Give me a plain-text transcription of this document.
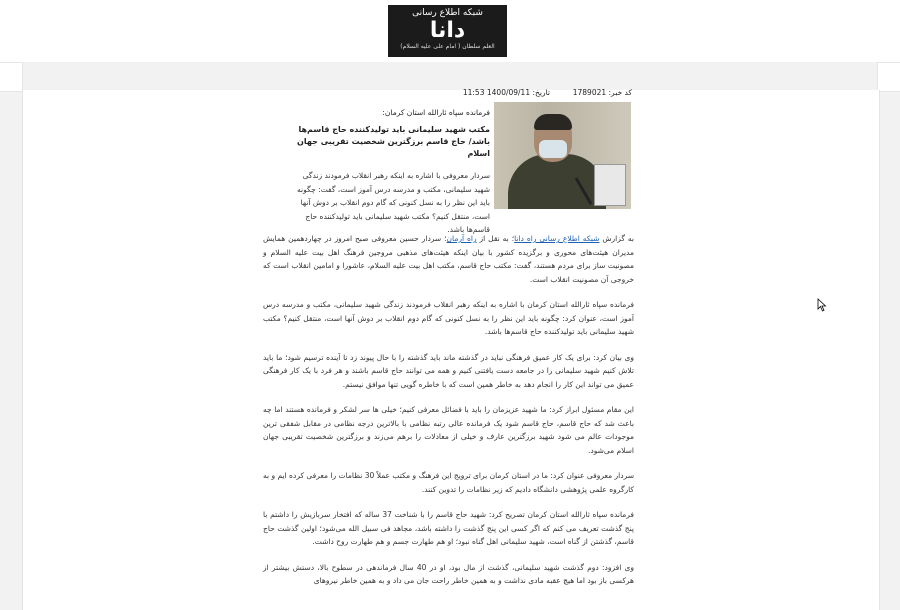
شبکه اطلاع رسانی
دانا
العلم سلطان ( امام علی علیه السلام)
کد خبر: 1789021  تاریخ: 1400/09/11 11:53

فرمانده سپاه ثارالله استان کرمان:

مکتب شهید سلیمانی باید تولیدکننده حاج قاسم‌ها باشد/ حاج قاسم برزگترین شخصیت تقریبی جهان اسلام

سردار معروفی با اشاره به اینکه رهبر انقلاب فرمودند زندگی شهید سلیمانی، مکتب و مدرسه درس آموز است، گفت: چگونه باید این نظر را به نسل کنونی که گام دوم انقلاب بر دوش آنها است، منتقل کنیم؟ مکتب شهید سلیمانی باید تولیدکننده حاج قاسم‌ها باشد.

به گزارش شبکه اطلاع رسانی راه دانا؛ به نقل از راه آرمان؛ سردار حسین معروفی صبح امروز در چهاردهمین همایش مدیران هیئت‌های محوری و برگزیده کشور با بیان اینکه هیئت‌های مذهبی مروجین فرهنگ اهل بیت علیه السلام و مصونیت ساز برای مردم هستند، گفت: مکتب حاج قاسم، مکتب اهل بیت علیه السلام، عاشورا و امامین انقلاب است که خروجی آن مصونیت انقلاب است.

فرمانده سپاه ثارالله استان کرمان با اشاره به اینکه رهبر انقلاب فرمودند زندگی شهید سلیمانی، مکتب و مدرسه درس آموز است، عنوان کرد: چگونه باید این نظر را به نسل کنونی که گام دوم انقلاب بر دوش آنها است، منتقل کنیم؟ مکتب شهید سلیمانی باید تولیدکننده حاج قاسم‌ها باشد.

وی بیان کرد: برای یک کار عمیق فرهنگی نباید در گذشته ماند باید گذشته را با حال پیوند زد تا آینده ترسیم شود؛ ما باید تلاش کنیم شهید سلیمانی را در جامعه دست یافتنی کنیم و همه می توانند حاج قاسم باشند و هر فرد با یک کار فرهنگی عمیق می تواند این کار را انجام دهد به خاطر همین است که با خاطره گویی تنها موافق نیستم.

این مقام مسئول ابراز کرد: ما شهید عزیزمان را باید با فضائل معرفی کنیم؛ خیلی ها سر لشکر و فرمانده هستند اما چه باعث شد که حاج قاسم، حاج قاسم شود یک فرمانده عالی رتبه نظامی با بالاترین درجه نظامی در مقابل شفقی ترین موجودات عالم می شود شهید برزگترین عارف و خیلی از معادلات را برهم می‌زند و برزگترین شخصیت تقریبی جهان اسلام می‌شود.

سردار معروفی عنوان کرد: ما در استان کرمان برای ترویج این فرهنگ و مکتب عملاً 30 نظامات را معرفی کرده ایم و به کارگروه علمی پژوهشی دانشگاه دادیم که زیر نظامات را تدوین کنند.

فرمانده سپاه ثارالله استان کرمان تصریح کرد: شهید حاج قاسم را با شناخت 37 ساله که افتخار سربازیش را داشتم با پنج گذشت تعریف می کنم که اگر کسی این پنج گذشت را داشته باشد، مجاهد فی سبیل الله می‌شود؛ اولین گذشت حاج قاسم، گذشتن از گناه است، شهید سلیمانی اهل گناه نبود؛ او هم طهارت جسم و هم طهارت روح داشت.

وی افزود: دوم گذشت شهید سلیمانی، گذشت از مال بود، او در 40 سال فرماندهی در سطوح بالا، دستش بیشتر از هرکسی باز بود اما هیچ عقبه مادی نداشت و به همین خاطر راحت جان می داد و به همین خاطر نیروهای
